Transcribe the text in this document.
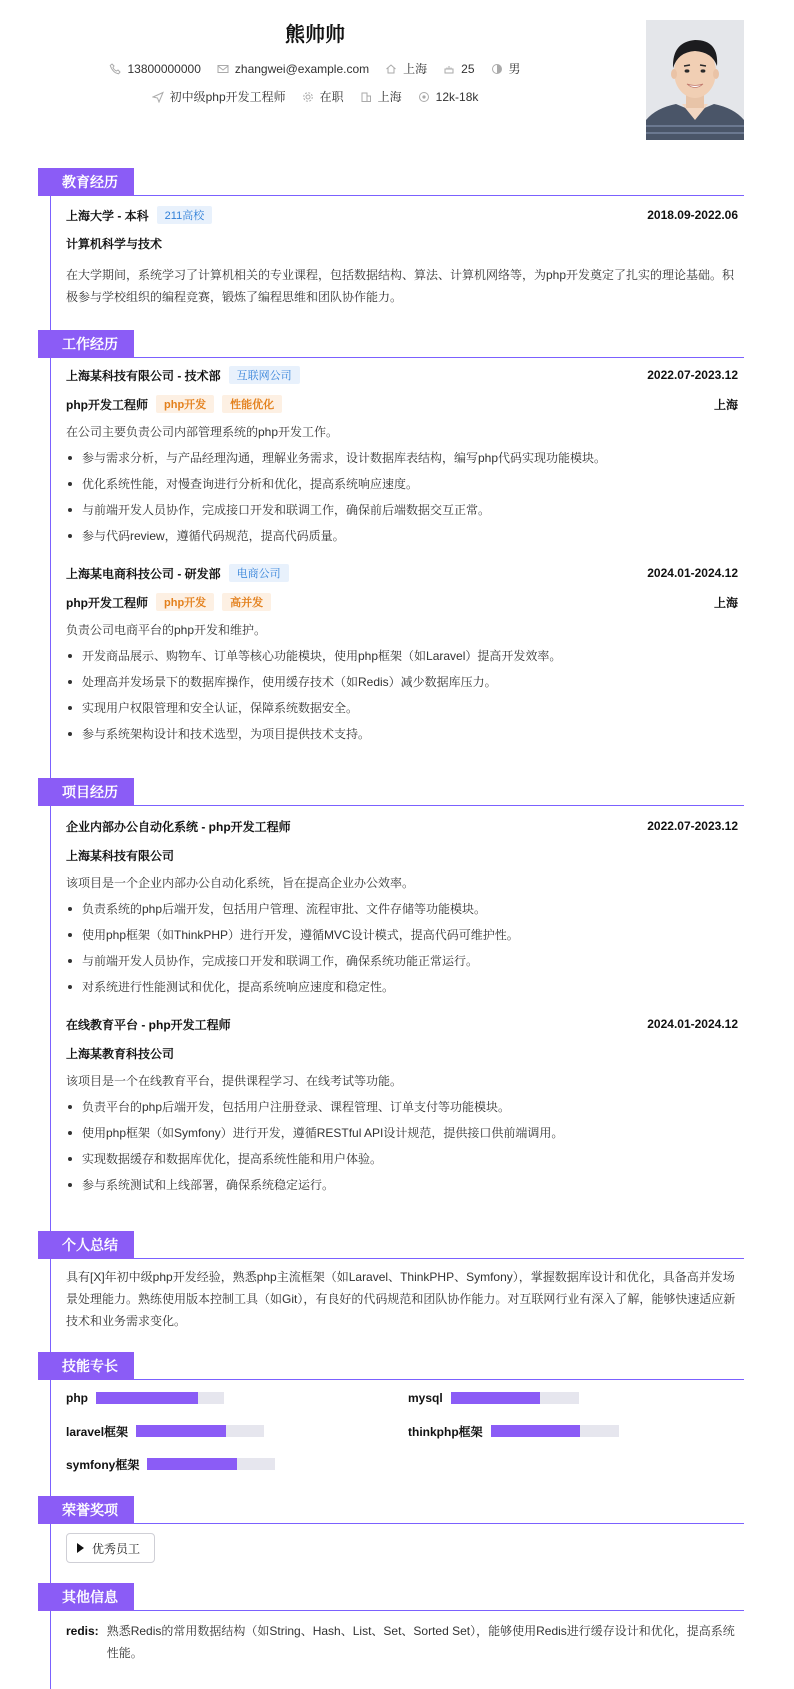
熊帅帅
13800000000	zhangwei@example.com	上海	25	男
初中级php开发工程师	在职	上海	12k-18k
教育经历
上海大学 - 本科	211高校	2018.09-2022.06
计算机科学与技术
在大学期间，系统学习了计算机相关的专业课程，包括数据结构、算法、计算机网络等，为php开发奠定了扎实的理论基础。积极参与学校组织的编程竞赛，锻炼了编程思维和团队协作能力。
工作经历
上海某科技有限公司 - 技术部	互联网公司	2022.07-2023.12
php开发工程师	php开发	性能优化	上海
在公司主要负责公司内部管理系统的php开发工作。
参与需求分析，与产品经理沟通，理解业务需求，设计数据库表结构，编写php代码实现功能模块。
优化系统性能，对慢查询进行分析和优化，提高系统响应速度。
与前端开发人员协作，完成接口开发和联调工作，确保前后端数据交互正常。
参与代码review，遵循代码规范，提高代码质量。
上海某电商科技公司 - 研发部	电商公司	2024.01-2024.12
php开发工程师	php开发	高并发	上海
负责公司电商平台的php开发和维护。
开发商品展示、购物车、订单等核心功能模块，使用php框架（如Laravel）提高开发效率。
处理高并发场景下的数据库操作，使用缓存技术（如Redis）减少数据库压力。
实现用户权限管理和安全认证，保障系统数据安全。
参与系统架构设计和技术选型，为项目提供技术支持。
项目经历
企业内部办公自动化系统 - php开发工程师	2022.07-2023.12
上海某科技有限公司
该项目是一个企业内部办公自动化系统，旨在提高企业办公效率。
负责系统的php后端开发，包括用户管理、流程审批、文件存储等功能模块。
使用php框架（如ThinkPHP）进行开发，遵循MVC设计模式，提高代码可维护性。
与前端开发人员协作，完成接口开发和联调工作，确保系统功能正常运行。
对系统进行性能测试和优化，提高系统响应速度和稳定性。
在线教育平台 - php开发工程师	2024.01-2024.12
上海某教育科技公司
该项目是一个在线教育平台，提供课程学习、在线考试等功能。
负责平台的php后端开发，包括用户注册登录、课程管理、订单支付等功能模块。
使用php框架（如Symfony）进行开发，遵循RESTful API设计规范，提供接口供前端调用。
实现数据缓存和数据库优化，提高系统性能和用户体验。
参与系统测试和上线部署，确保系统稳定运行。
个人总结
具有[X]年初中级php开发经验，熟悉php主流框架（如Laravel、ThinkPHP、Symfony），掌握数据库设计和优化，具备高并发场景处理能力。熟练使用版本控制工具（如Git），有良好的代码规范和团队协作能力。对互联网行业有深入了解，能够快速适应新技术和业务需求变化。
技能专长
php	mysql
laravel框架	thinkphp框架
symfony框架
荣誉奖项
优秀员工
其他信息
redis: 熟悉Redis的常用数据结构（如String、Hash、List、Set、Sorted Set），能够使用Redis进行缓存设计和优化，提高系统性能。
